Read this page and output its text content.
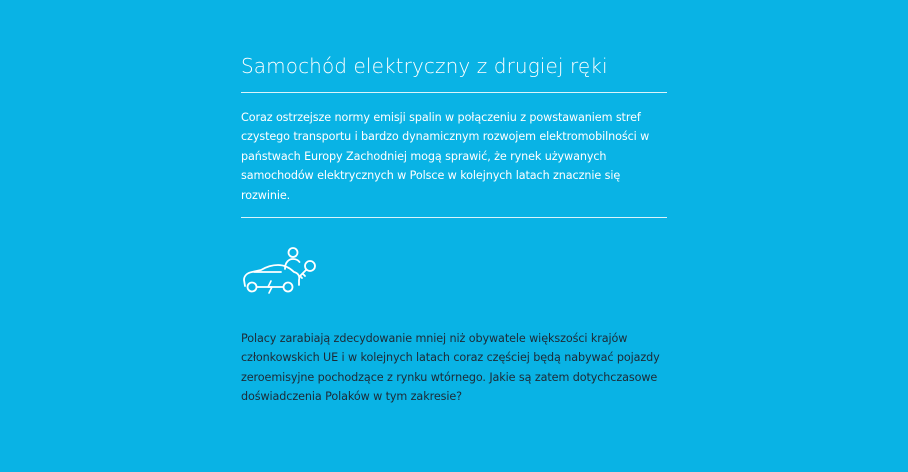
Samochód elektryczny z drugiej ręki

Coraz ostrzejsze normy emisji spalin w połączeniu z powstawaniem stref czystego transportu i bardzo dynamicznym rozwojem elektromobilności w państwach Europy Zachodniej mogą sprawić, że rynek używanych samochodów elektrycznych w Polsce w kolejnych latach znacznie się rozwinie.

Polacy zarabiają zdecydowanie mniej niż obywatele większości krajów członkowskich UE i w kolejnych latach coraz częściej będą nabywać pojazdy zeroemisyjne pochodzące z rynku wtórnego. Jakie są zatem dotychczasowe doświadczenia Polaków w tym zakresie?
